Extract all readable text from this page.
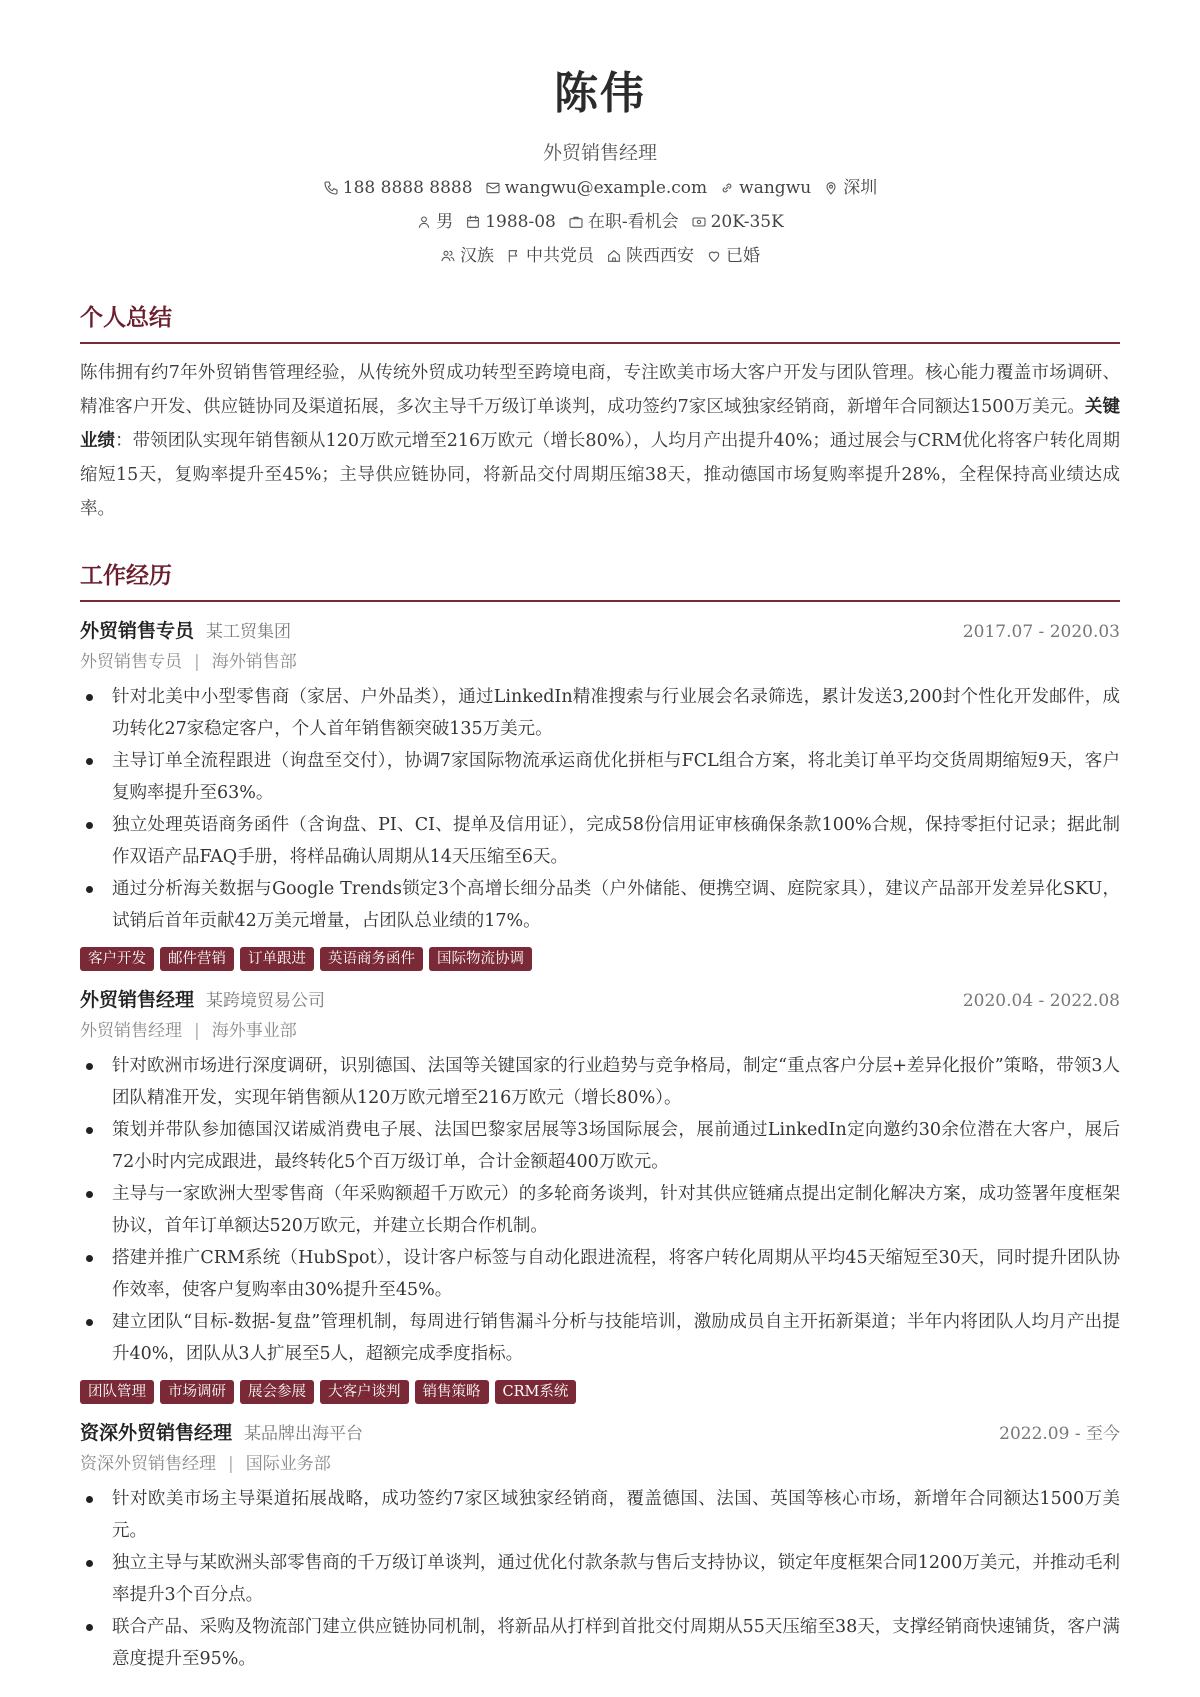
陈伟
外贸销售经理
188 8888 8888 wangwu@example.com wangwu 深圳
男 1988-08 在职-看机会 20K-35K
汉族 中共党员 陕西西安 已婚
个人总结

陈伟拥有约7年外贸销售管理经验，从传统外贸成功转型至跨境电商，专注欧美市场大客户开发与团队管理。核心能力覆盖市场调研、精准客户开发、供应链协同及渠道拓展，多次主导千万级订单谈判，成功签约7家区域独家经销商，新增年合同额达1500万美元。关键业绩：带领团队实现年销售额从120万欧元增至216万欧元（增长80%），人均月产出提升40%；通过展会与CRM优化将客户转化周期缩短15天，复购率提升至45%；主导供应链协同，将新品交付周期压缩38天，推动德国市场复购率提升28%，全程保持高业绩达成率。

工作经历
外贸销售专员 某工贸集团	2017.07 - 2020.03
外贸销售专员 | 海外销售部
针对北美中小型零售商（家居、户外品类），通过LinkedIn精准搜索与行业展会名录筛选，累计发送3,200封个性化开发邮件，成功转化27家稳定客户，个人首年销售额突破135万美元。
主导订单全流程跟进（询盘至交付），协调7家国际物流承运商优化拼柜与FCL组合方案，将北美订单平均交货周期缩短9天，客户复购率提升至63%。
独立处理英语商务函件（含询盘、PI、CI、提单及信用证），完成58份信用证审核确保条款100%合规，保持零拒付记录；据此制作双语产品FAQ手册，将样品确认周期从14天压缩至6天。
通过分析海关数据与Google Trends锁定3个高增长细分品类（户外储能、便携空调、庭院家具），建议产品部开发差异化SKU，试销后首年贡献42万美元增量，占团队总业绩的17%。
客户开发	邮件营销	订单跟进	英语商务函件	国际物流协调
外贸销售经理 某跨境贸易公司	2020.04 - 2022.08
外贸销售经理 | 海外事业部
针对欧洲市场进行深度调研，识别德国、法国等关键国家的行业趋势与竞争格局，制定“重点客户分层+差异化报价”策略，带领3人团队精准开发，实现年销售额从120万欧元增至216万欧元（增长80%）。
策划并带队参加德国汉诺威消费电子展、法国巴黎家居展等3场国际展会，展前通过LinkedIn定向邀约30余位潜在大客户，展后72小时内完成跟进，最终转化5个百万级订单，合计金额超400万欧元。
主导与一家欧洲大型零售商（年采购额超千万欧元）的多轮商务谈判，针对其供应链痛点提出定制化解决方案，成功签署年度框架协议，首年订单额达520万欧元，并建立长期合作机制。
搭建并推广CRM系统（HubSpot），设计客户标签与自动化跟进流程，将客户转化周期从平均45天缩短至30天，同时提升团队协作效率，使客户复购率由30%提升至45%。
建立团队“目标-数据-复盘”管理机制，每周进行销售漏斗分析与技能培训，激励成员自主开拓新渠道；半年内将团队人均月产出提升40%，团队从3人扩展至5人，超额完成季度指标。
团队管理	市场调研	展会参展	大客户谈判	销售策略	CRM系统
资深外贸销售经理 某品牌出海平台	2022.09 - 至今
资深外贸销售经理 | 国际业务部
针对欧美市场主导渠道拓展战略，成功签约7家区域独家经销商，覆盖德国、法国、英国等核心市场，新增年合同额达1500万美元。
独立主导与某欧洲头部零售商的千万级订单谈判，通过优化付款条款与售后支持协议，锁定年度框架合同1200万美元，并推动毛利率提升3个百分点。
联合产品、采购及物流部门建立供应链协同机制，将新品从打样到首批交付周期从55天压缩至38天，支撑经销商快速铺货，客户满意度提升至95%。
